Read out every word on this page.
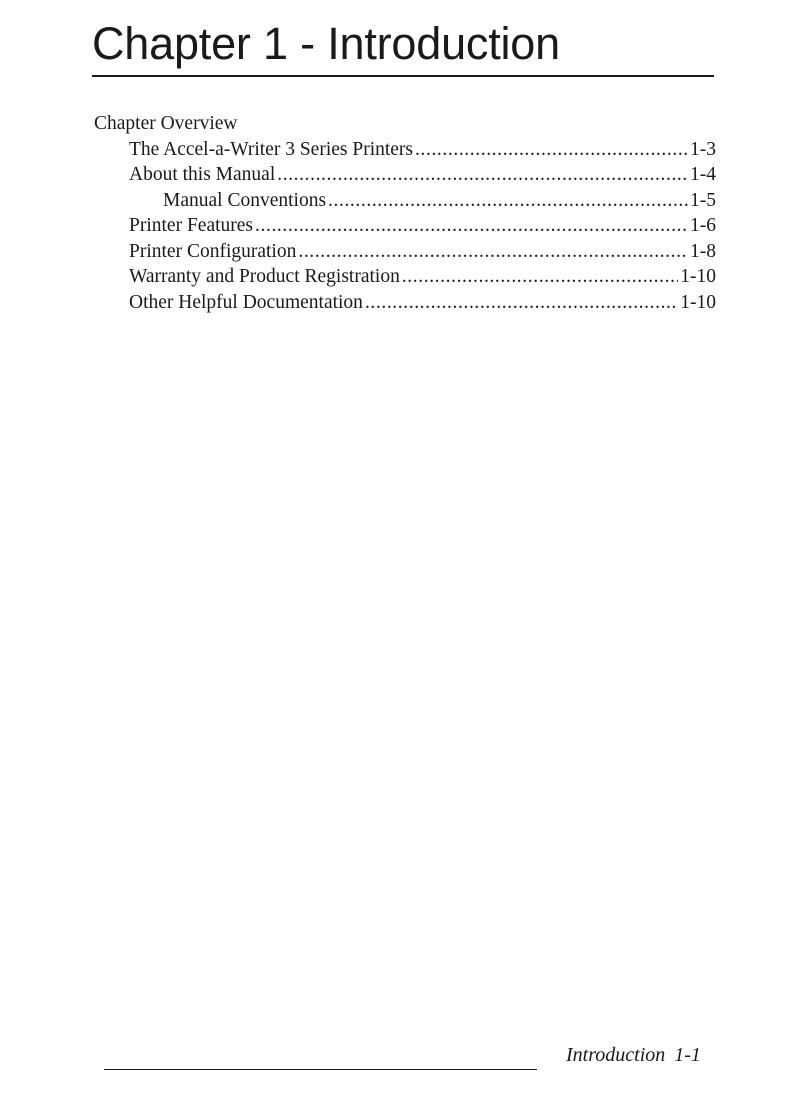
Chapter 1 - Introduction
Chapter Overview
The Accel-a-Writer 3 Series Printers .....	1-3
About this Manual .....	1-4
Manual Conventions .....	1-5
Printer Features .....	1-6
Printer Configuration .....	1-8
Warranty and Product Registration .....	1-10
Other Helpful Documentation .....	1-10
Introduction 1-1
